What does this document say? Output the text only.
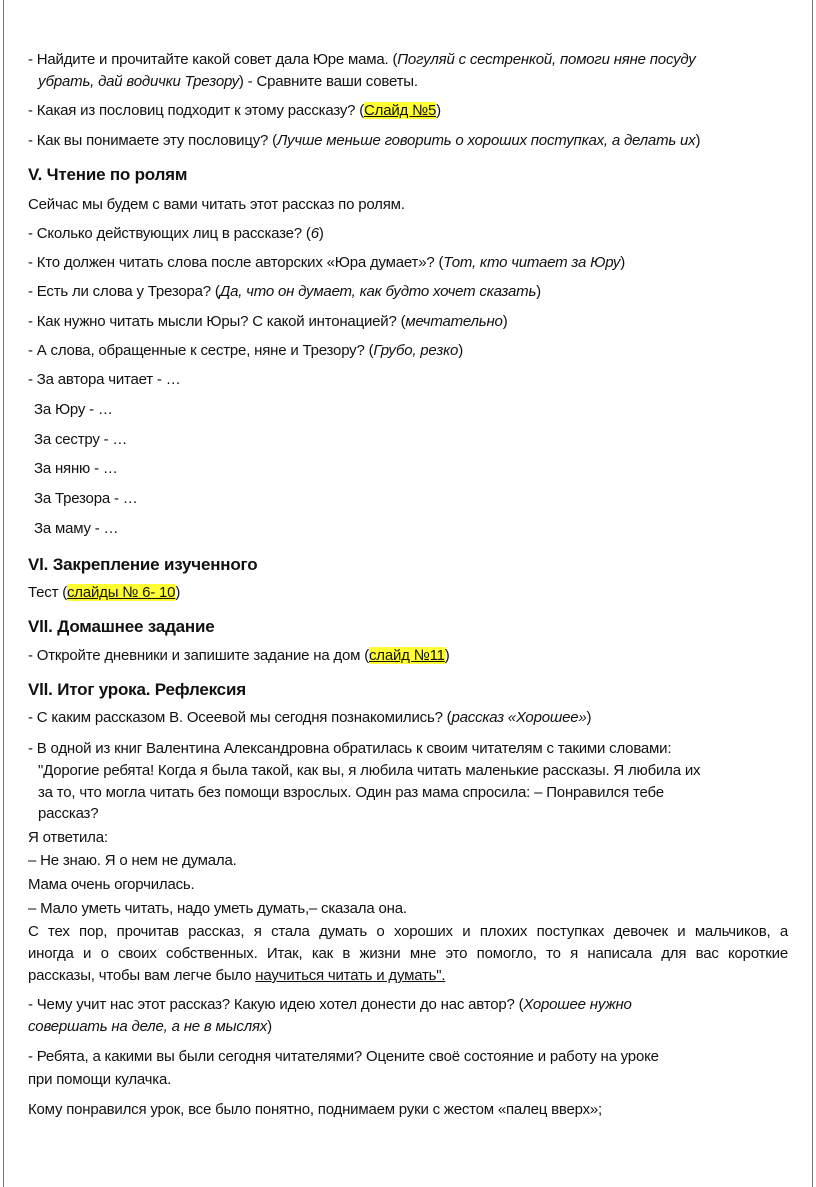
- Найдите и прочитайте какой совет дала Юре мама. (Погуляй с сестренкой, помоги няне посуду
убрать, дай водички Трезору) - Сравните ваши советы.
- Какая из пословиц подходит к этому рассказу? (Слайд №5)
- Как вы понимаете эту пословицу? (Лучше меньше говорить о хороших поступках, а делать их)
V. Чтение по ролям
Сейчас мы будем с вами читать этот рассказ по ролям.
- Сколько действующих лиц в рассказе? (6)
- Кто должен читать слова после авторских «Юра думает»? (Тот, кто читает за Юру)
- Есть ли слова у Трезора? (Да, что он думает, как будто хочет сказать)
- Как нужно читать мысли Юры? С какой интонацией? (мечтательно)
- А слова, обращенные к сестре, няне и Трезору? (Грубо, резко)
- За автора читает - …
За Юру - …
За сестру - …
За няню - …
За Трезора - …
За маму - …
Vl. Закрепление изученного
Тест (слайды № 6- 10)
Vll. Домашнее задание
- Откройте дневники и запишите задание на дом (слайд №11)
Vll. Итог урока. Рефлексия
- С каким рассказом В. Осеевой мы сегодня познакомились? (рассказ «Хорошее»)
- В одной из книг Валентина Александровна обратилась к своим читателям с такими словами:
"Дорогие ребята! Когда я была такой, как вы, я любила читать маленькие рассказы. Я любила их
за то, что могла читать без помощи взрослых. Один раз мама спросила: – Понравился тебе
рассказ?
Я ответила:
– Не знаю. Я о нем не думала.
Мама очень огорчилась.
– Мало уметь читать, надо уметь думать,– сказала она.
С тех пор, прочитав рассказ, я стала думать о хороших и плохих поступках девочек и мальчиков, а
иногда и о своих собственных. Итак, как в жизни мне это помогло, то я написала для вас короткие
рассказы, чтобы вам легче было научиться читать и думать".
- Чему учит нас этот рассказ? Какую идею хотел донести до нас автор? (Хорошее нужно
совершать на деле, а не в мыслях)
- Ребята, а какими вы были сегодня читателями? Оцените своё состояние и работу на уроке
при помощи кулачка.
Кому понравился урок, все было понятно, поднимаем руки с жестом «палец вверх»;
